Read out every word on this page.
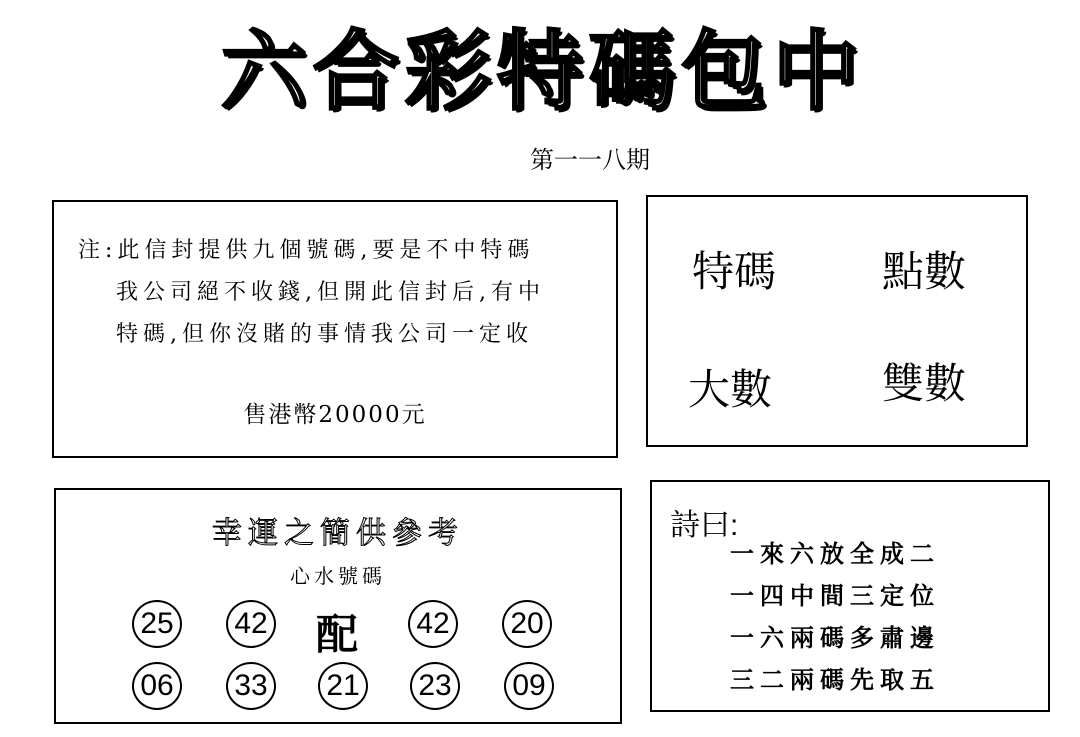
六 合 彩 特 碼 包 中
第一一八期
注:此信封提供九個號碼,要是不中特碼
我公司絕不收錢,但開此信封后,有中
特碼,但你沒賭的事情我公司一定收
售港幣20000元
特碼	點數
大數	雙數
幸運之簡供參考
心水號碼
25 42 配 42 20
06 33 21 23 09
詩曰:
一來六放全成二
一四中間三定位
一六兩碼多肅邊
三二兩碼先取五
